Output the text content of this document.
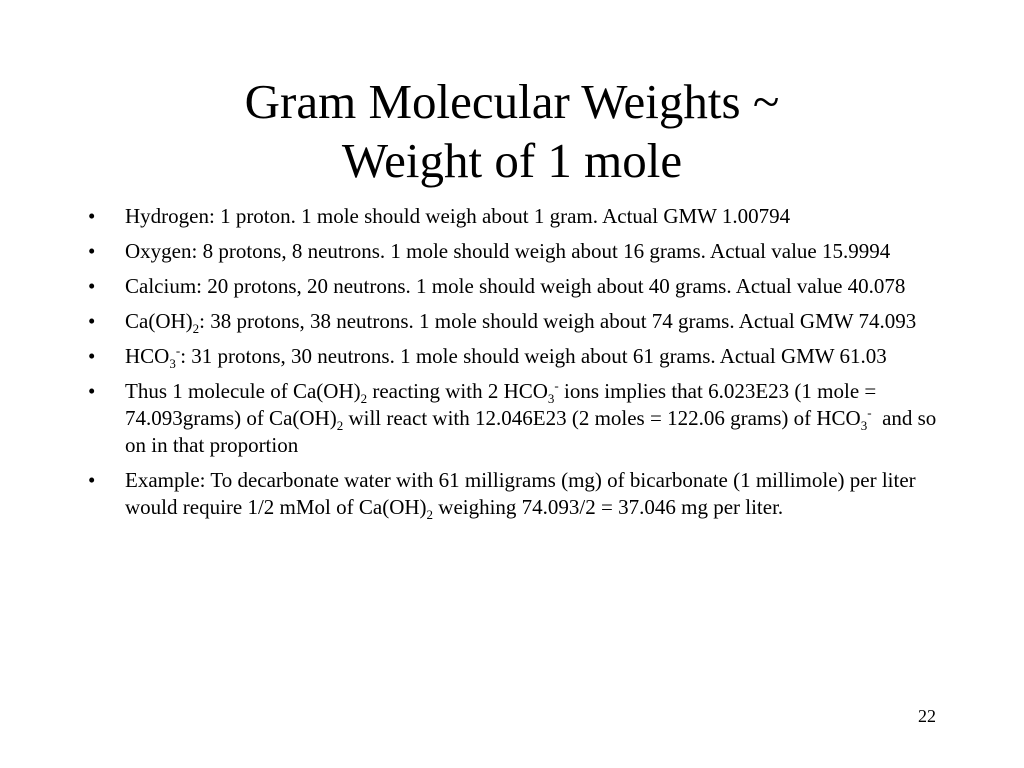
Gram Molecular Weights ~
Weight of 1 mole
• Hydrogen: 1 proton. 1 mole should weigh about 1 gram. Actual GMW 1.00794
• Oxygen: 8 protons, 8 neutrons. 1 mole should weigh about 16 grams. Actual value 15.9994
• Calcium: 20 protons, 20 neutrons. 1 mole should weigh about 40 grams. Actual value 40.078
• $Ca(OH)_2$: 38 protons, 38 neutrons. 1 mole should weigh about 74 grams. Actual GMW 74.093
• $HCO_3^-$: 31 protons, 30 neutrons. 1 mole should weigh about 61 grams. Actual GMW 61.03
• Thus 1 molecule of $Ca(OH)_2$ reacting with 2 $HCO_3^-$ ions implies that 6.023E23 (1 mole = 74.093grams) of $Ca(OH)_2$ will react with 12.046E23 (2 moles = 122.06 grams) of $HCO_3^-$  and so on in that proportion
• Example: To decarbonate water with 61 milligrams (mg) of bicarbonate (1 millimole) per liter would require 1/2 mMol of $Ca(OH)_2$ weighing 74.093/2 = 37.046 mg per liter.
22
